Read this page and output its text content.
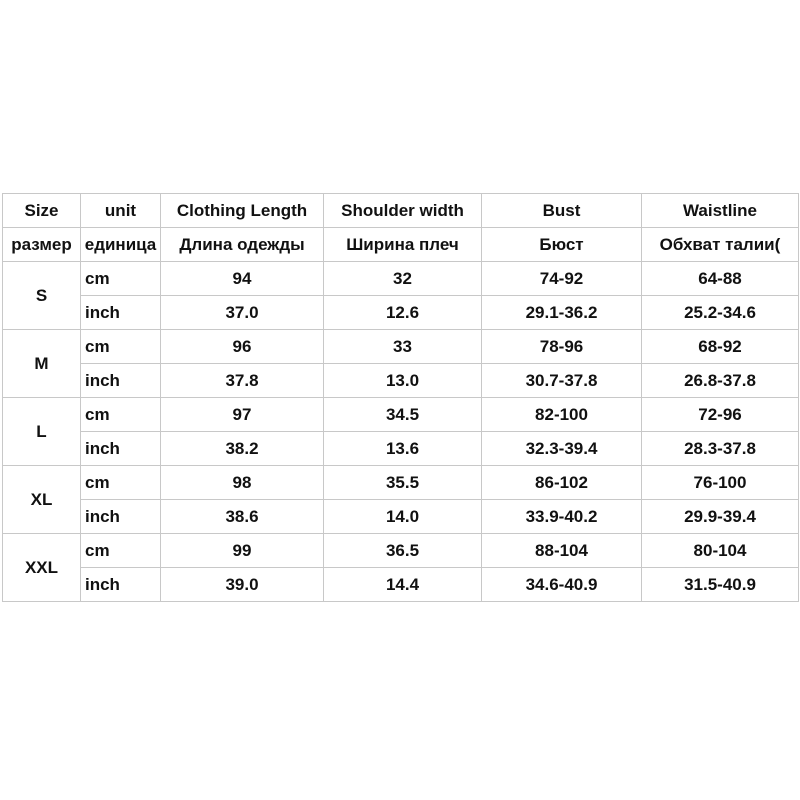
Size	unit	Clothing Length	Shoulder width	Bust	Waistline
размер	единица	Длина одежды	Ширина плеч	Бюст	Обхват талии(
S	cm	94	32	74-92	64-88
	inch	37.0	12.6	29.1-36.2	25.2-34.6
M	cm	96	33	78-96	68-92
	inch	37.8	13.0	30.7-37.8	26.8-37.8
L	cm	97	34.5	82-100	72-96
	inch	38.2	13.6	32.3-39.4	28.3-37.8
XL	cm	98	35.5	86-102	76-100
	inch	38.6	14.0	33.9-40.2	29.9-39.4
XXL	cm	99	36.5	88-104	80-104
	inch	39.0	14.4	34.6-40.9	31.5-40.9
